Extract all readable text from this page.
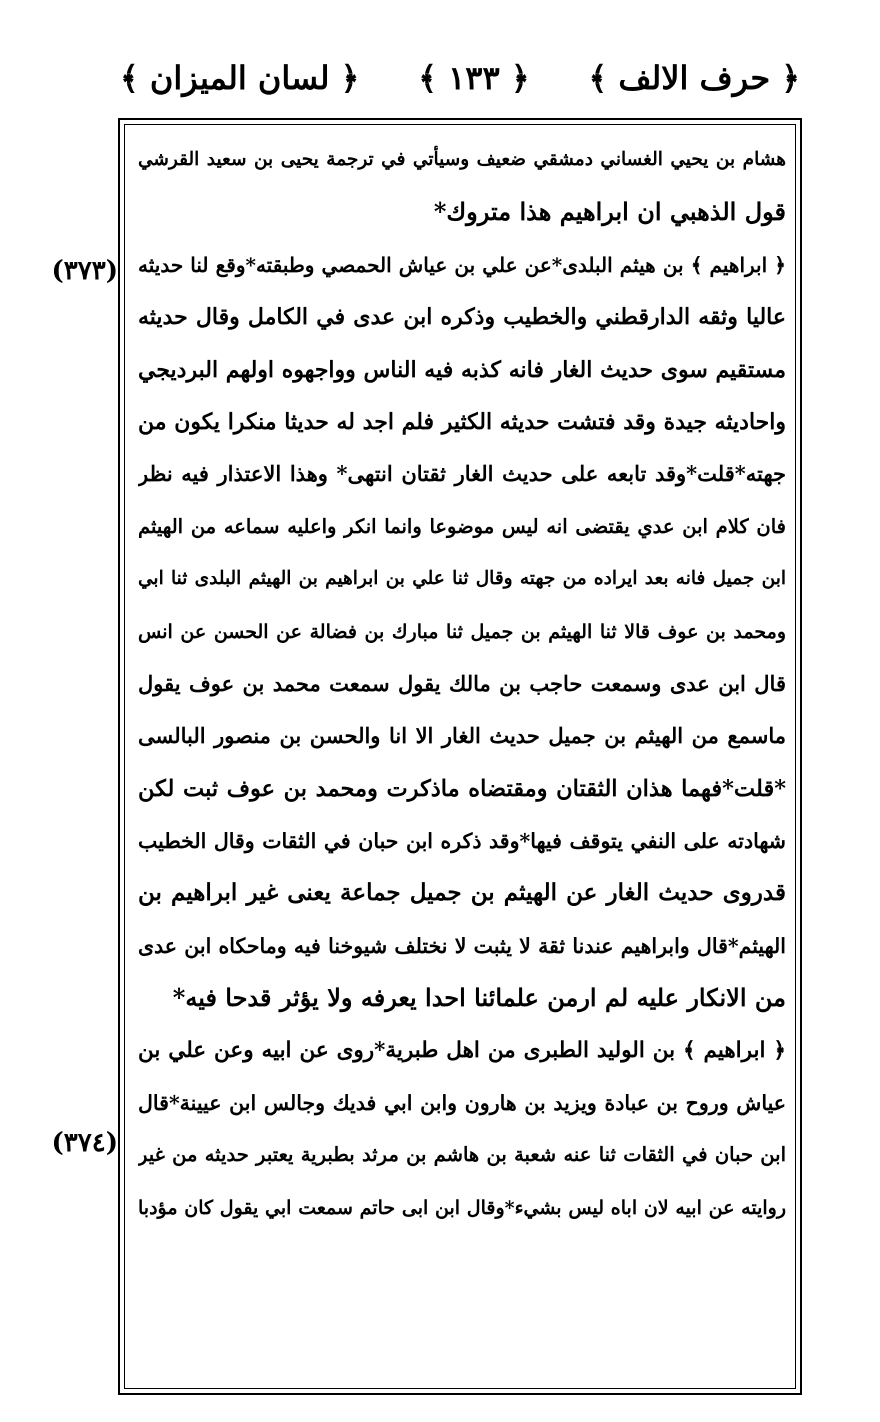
﴿ حرف الالف ﴾
﴿ ١٣٣ ﴾
﴿ لسان الميزان ﴾
(٣٧٣)
(٣٧٤)
هشام بن يحيي الغساني دمشقي ضعيف وسيأتي في ترجمة يحيى بن سعيد القرشي
قول الذهبي ان ابراهيم هذا متروك*
﴿ ابراهيم ﴾ بن هيثم البلدى*عن علي بن عياش الحمصي وطبقته*وقع لنا حديثه
عاليا وثقه الدارقطني والخطيب وذكره ابن عدى في الكامل وقال حديثه
مستقيم سوى حديث الغار فانه كذبه فيه الناس وواجهوه اولهم البرديجي
واحاديثه جيدة وقد فتشت حديثه الكثير فلم اجد له حديثا منكرا يكون من
جهته*قلت*وقد تابعه على حديث الغار ثقتان انتهى* وهذا الاعتذار فيه نظر
فان كلام ابن عدي يقتضى انه ليس موضوعا وانما انكر واعليه سماعه من الهيثم
ابن جميل فانه بعد ايراده من جهته وقال ثنا علي بن ابراهيم بن الهيثم البلدى ثنا ابي
ومحمد بن عوف قالا ثنا الهيثم بن جميل ثنا مبارك بن فضالة عن الحسن عن انس
قال ابن عدى وسمعت حاجب بن مالك يقول سمعت محمد بن عوف يقول
ماسمع من الهيثم بن جميل حديث الغار الا انا والحسن بن منصور البالسى
*قلت*فهما هذان الثقتان ومقتضاه ماذكرت ومحمد بن عوف ثبت لكن
شهادته على النفي يتوقف فيها*وقد ذكره ابن حبان في الثقات وقال الخطيب
قدروى حديث الغار عن الهيثم بن جميل جماعة يعنى غير ابراهيم بن
الهيثم*قال وابراهيم عندنا ثقة لا يثبت لا نختلف شيوخنا فيه وماحكاه ابن عدى
من الانكار عليه لم ارمن علمائنا احدا يعرفه ولا يؤثر قدحا فيه*
﴿ ابراهيم ﴾ بن الوليد الطبرى من اهل طبرية*روى عن ابيه وعن علي بن
عياش وروح بن عبادة ويزيد بن هارون وابن ابي فديك وجالس ابن عيينة*قال
ابن حبان في الثقات ثنا عنه شعبة بن هاشم بن مرثد بطبرية يعتبر حديثه من غير
روايته عن ابيه لان اباه ليس بشيء*وقال ابن ابى حاتم سمعت ابي يقول كان مؤدبا
